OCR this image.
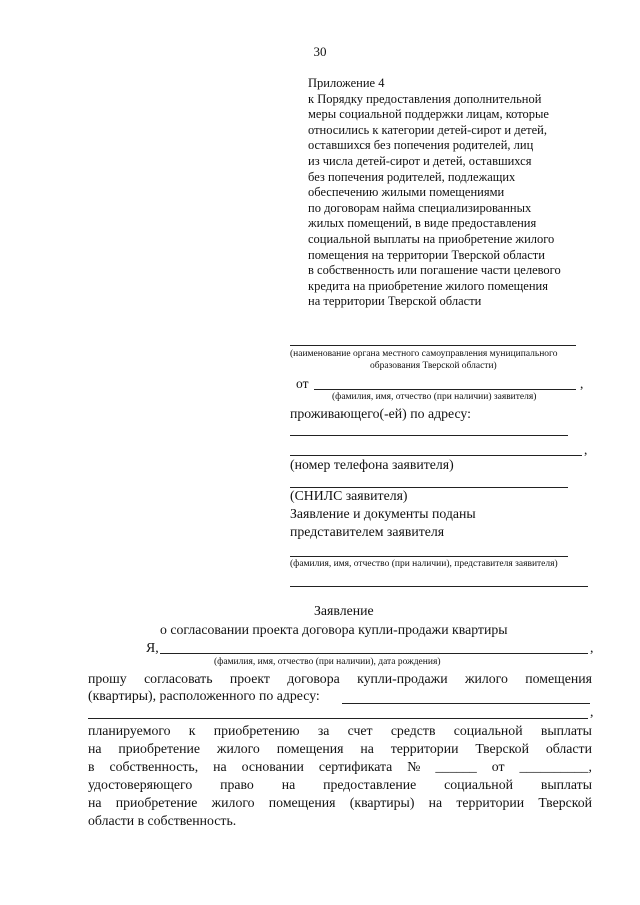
30
Приложение 4
к Порядку предоставления дополнительной
меры социальной поддержки лицам, которые
относились к категории детей-сирот и детей,
оставшихся без попечения родителей, лиц
из числа детей-сирот и детей, оставшихся
без попечения родителей, подлежащих
обеспечению жилыми помещениями
по договорам найма специализированных
жилых помещений, в виде предоставления
социальной выплаты на приобретение жилого
помещения на территории Тверской области
в собственность или погашение части целевого
кредита на приобретение жилого помещения
на территории Тверской области
(наименование органа местного самоуправления муниципального
образования Тверской области)
от	,
(фамилия, имя, отчество (при наличии) заявителя)
проживающего(-ей) по адресу:
,
(номер телефона заявителя)
(СНИЛС заявителя)
Заявление и документы поданы
представителем заявителя
(фамилия, имя, отчество (при наличии), представителя заявителя)
Заявление
о согласовании проекта договора купли-продажи квартиры
Я,	,
(фамилия, имя, отчество (при наличии), дата рождения)
прошу согласовать проект договора купли-продажи жилого помещения
(квартиры), расположенного по адресу:
,
планируемого к приобретению за счет средств социальной выплаты
на приобретение жилого помещения на территории Тверской области
в собственность, на основании сертификата № ______ от __________,
удостоверяющего право на предоставление социальной выплаты
на приобретение жилого помещения (квартиры) на территории Тверской
области в собственность.
